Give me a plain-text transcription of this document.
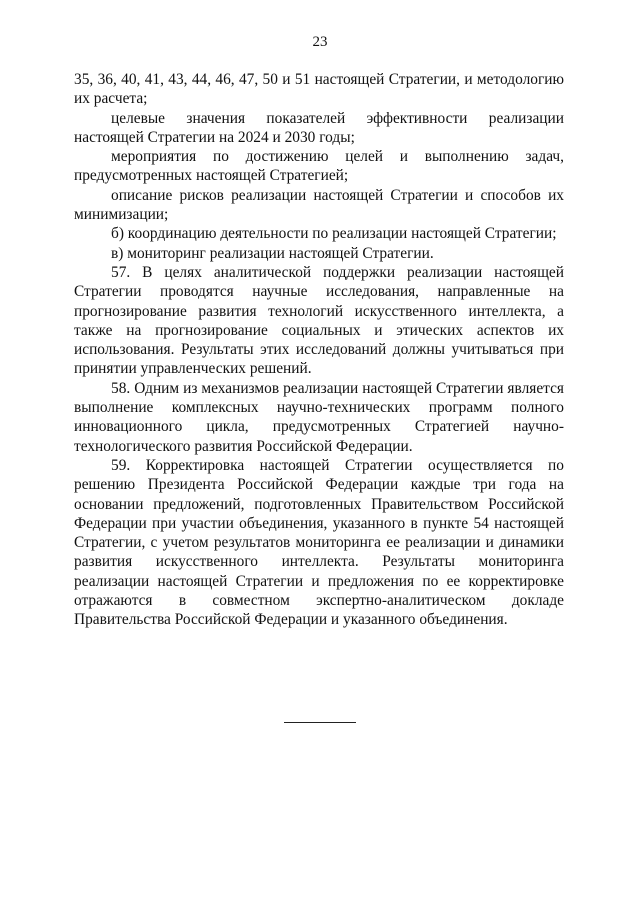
23

35, 36, 40, 41, 43, 44, 46, 47, 50 и 51 настоящей Стратегии, и методологию их расчета;

целевые значения показателей эффективности реализации настоящей Стратегии на 2024 и 2030 годы;

мероприятия по достижению целей и выполнению задач, предусмотренных настоящей Стратегией;

описание рисков реализации настоящей Стратегии и способов их минимизации;

б) координацию деятельности по реализации настоящей Стратегии;

в) мониторинг реализации настоящей Стратегии.

57. В целях аналитической поддержки реализации настоящей Стратегии проводятся научные исследования, направленные на прогнозирование развития технологий искусственного интеллекта, а также на прогнозирование социальных и этических аспектов их использования. Результаты этих исследований должны учитываться при принятии управленческих решений.

58. Одним из механизмов реализации настоящей Стратегии является выполнение комплексных научно-технических программ полного инновационного цикла, предусмотренных Стратегией научно-технологического развития Российской Федерации.

59. Корректировка настоящей Стратегии осуществляется по решению Президента Российской Федерации каждые три года на основании предложений, подготовленных Правительством Российской Федерации при участии объединения, указанного в пункте 54 настоящей Стратегии, с учетом результатов мониторинга ее реализации и динамики развития искусственного интеллекта. Результаты мониторинга реализации настоящей Стратегии и предложения по ее корректировке отражаются в совместном экспертно-аналитическом докладе Правительства Российской Федерации и указанного объединения.
